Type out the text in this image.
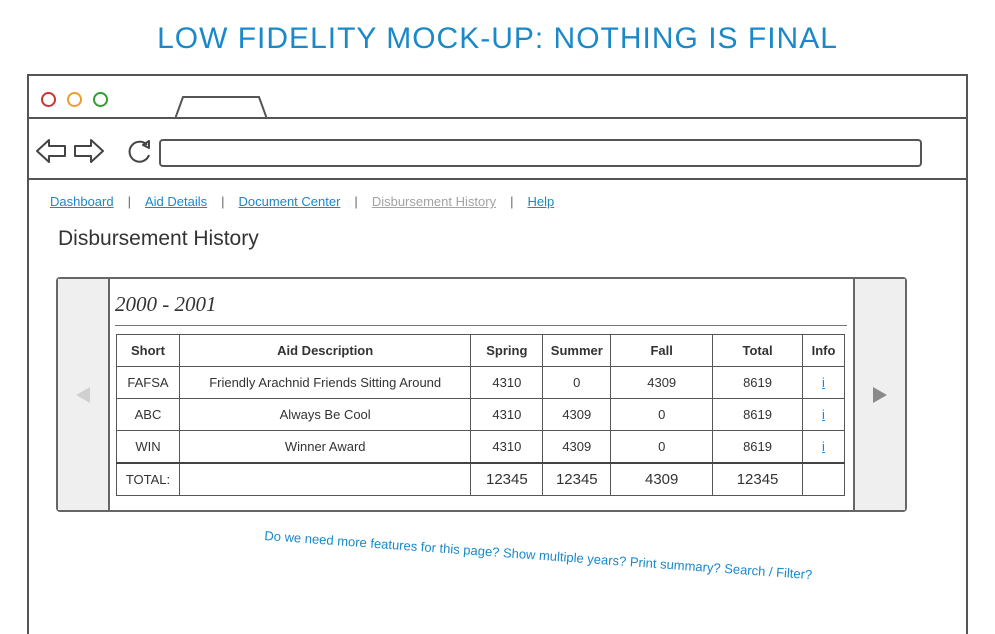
LOW FIDELITY MOCK-UP: NOTHING IS FINAL
Dashboard | Aid Details | Document Center | Disbursement History | Help
Disbursement History
2000 - 2001
Short	Aid Description	Spring	Summer	Fall	Total	Info
FAFSA	Friendly Arachnid Friends Sitting Around	4310	0	4309	8619	i
ABC	Always Be Cool	4310	4309	0	8619	i
WIN	Winner Award	4310	4309	0	8619	i
TOTAL:		12345	12345	4309	12345	
Do we need more features for this page? Show multiple years? Print summary? Search / Filter?
